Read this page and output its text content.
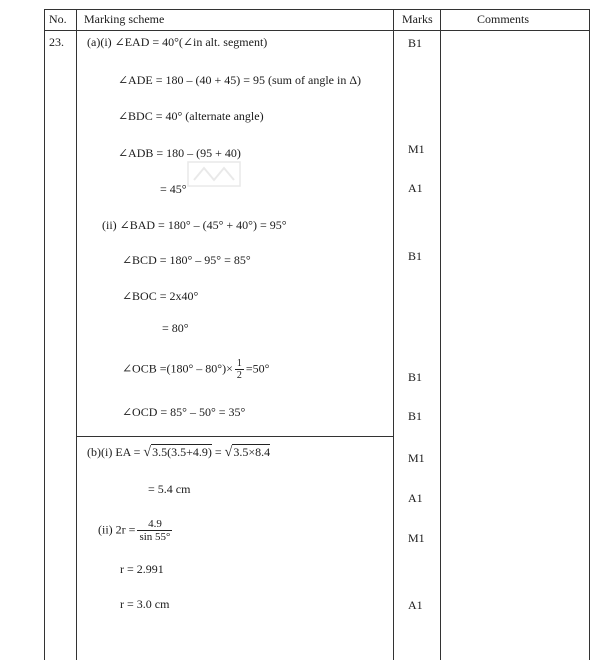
No. Marking scheme	Marks	Comments
23. (a)(i) ∠EAD = 40°(∠in alt. segment)
∠ADE = 180 – (40 + 45) = 95 (sum of angle in Δ)
∠BDC = 40° (alternate angle)
∠ADB = 180 – (95 + 40)
= 45°
(ii) ∠BAD = 180° – (45° + 40°) = 95°
∠BCD = 180° – 95° = 85°
∠BOC = 2x40°
= 80°
∠OCB $=(180^\circ - 80^\circ)\times \frac{1}{2} =50^\circ$
∠OCD = 85° – 50° = 35°
(b)(i) EA = √3.5(3.5+4.9) = √3.5×8.4
= 5.4 cm
(ii) $2r = \frac{4.9}{\sin 55^\circ}$
r = 2.991
r = 3.0 cm
B1
M1
A1
B1
B1
B1
M1
A1
M1
A1
